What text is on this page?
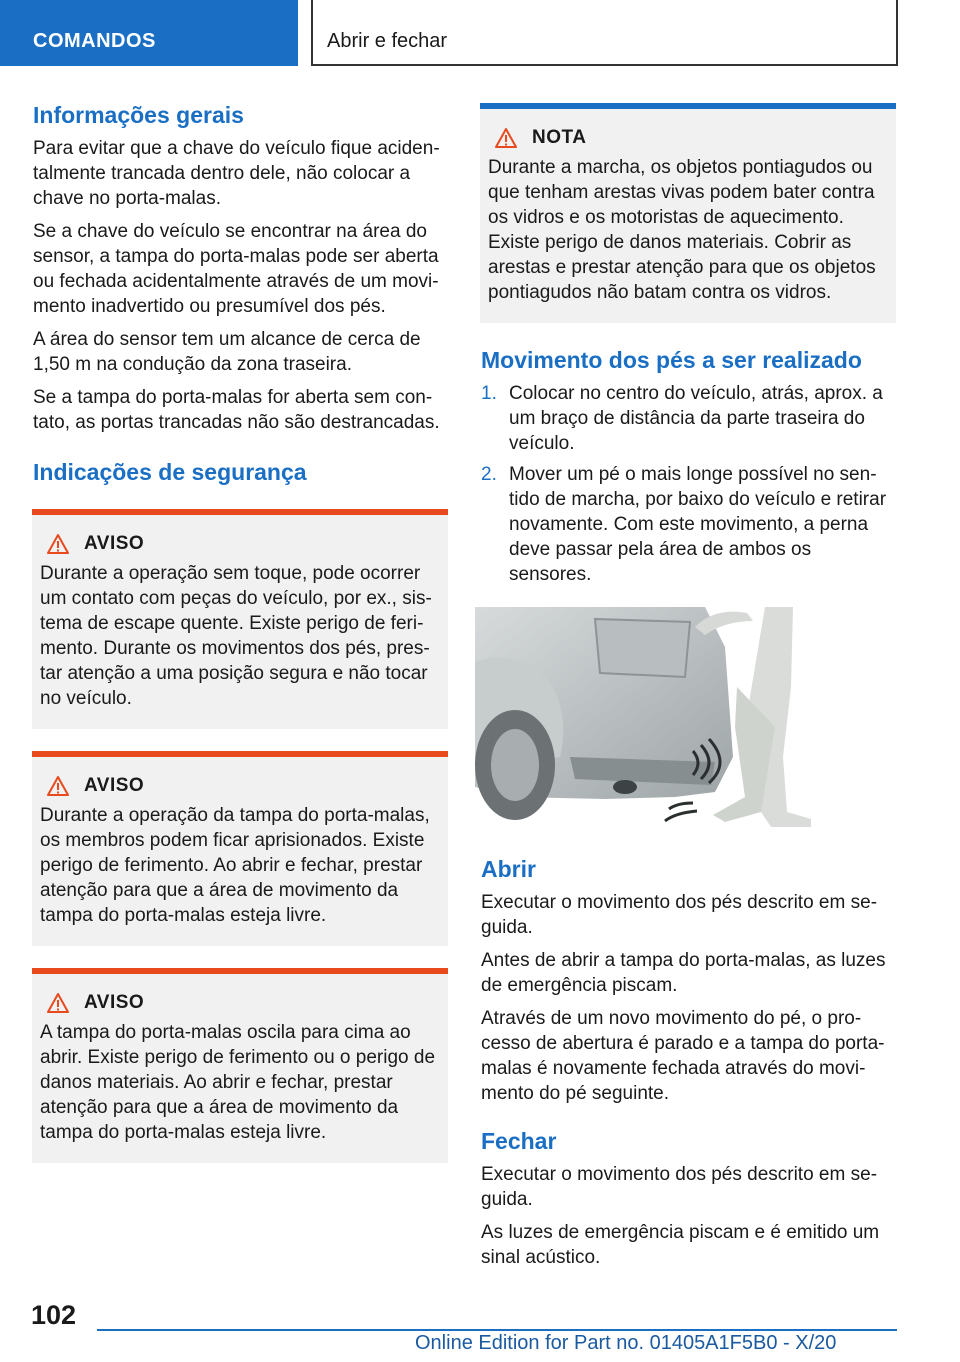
COMANDOS	Abrir e fechar
Informações gerais

Para evitar que a chave do veículo fique acidentalmente trancada dentro dele, não colocar a chave no porta-malas.

Se a chave do veículo se encontrar na área do sensor, a tampa do porta-malas pode ser aberta ou fechada acidentalmente através de um movimento inadvertido ou presumível dos pés.

A área do sensor tem um alcance de cerca de 1,50 m na condução da zona traseira.

Se a tampa do porta-malas for aberta sem contato, as portas trancadas não são destrancadas.

Indicações de segurança
AVISO

Durante a operação sem toque, pode ocorrer um contato com peças do veículo, por ex., sistema de escape quente. Existe perigo de ferimento. Durante os movimentos dos pés, prestar atenção a uma posição segura e não tocar no veículo.

AVISO

Durante a operação da tampa do porta-malas, os membros podem ficar aprisionados. Existe perigo de ferimento. Ao abrir e fechar, prestar atenção para que a área de movimento da tampa do porta-malas esteja livre.

AVISO

A tampa do porta-malas oscila para cima ao abrir. Existe perigo de ferimento ou o perigo de danos materiais. Ao abrir e fechar, prestar atenção para que a área de movimento da tampa do porta-malas esteja livre.

NOTA

Durante a marcha, os objetos pontiagudos ou que tenham arestas vivas podem bater contra os vidros e os motoristas de aquecimento. Existe perigo de danos materiais. Cobrir as arestas e prestar atenção para que os objetos pontiagudos não batam contra os vidros.

Movimento dos pés a ser realizado
1. Colocar no centro do veículo, atrás, aprox. a um braço de distância da parte traseira do veículo.
2. Mover um pé o mais longe possível no sentido de marcha, por baixo do veículo e retirar novamente. Com este movimento, a perna deve passar pela área de ambos os sensores.
Abrir

Executar o movimento dos pés descrito em seguida.

Antes de abrir a tampa do porta-malas, as luzes de emergência piscam.

Através de um novo movimento do pé, o processo de abertura é parado e a tampa do porta-malas é novamente fechada através do movimento do pé seguinte.

Fechar

Executar o movimento dos pés descrito em seguida.

As luzes de emergência piscam e é emitido um sinal acústico.

102
Online Edition for Part no. 01405A1F5B0 - X/20
